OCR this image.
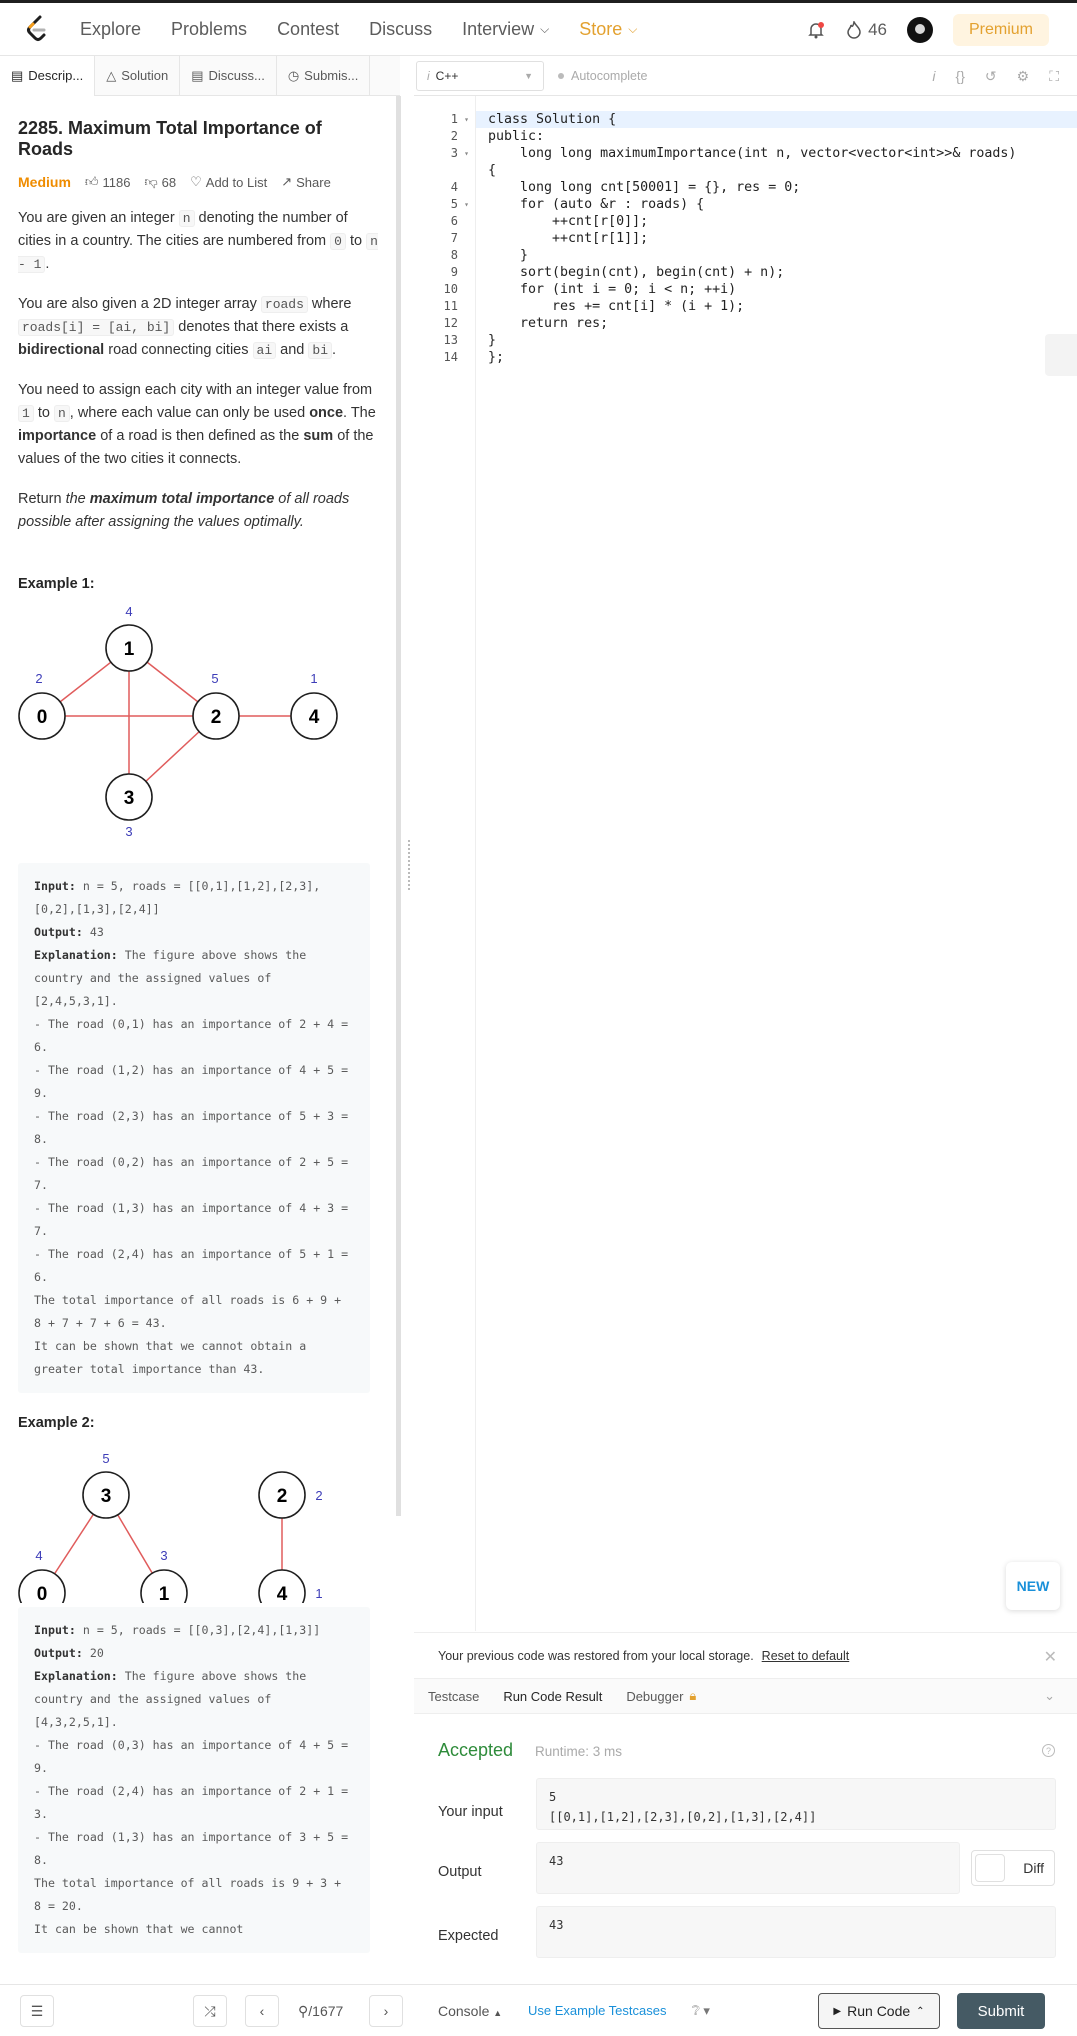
Explore Problems Contest Discuss Interview ⌵ Store ⌵	46	Premium
▤ Descrip... △ Solution ▤ Discuss... ◷ Submis...
2285. Maximum Total Importance of Roads
Medium 👍︎ 1186 👎︎ 68 ♡ Add to List ↗ Share

You are given an integer n denoting the number of cities in a country. The cities are numbered from 0 to n - 1 .

You are also given a 2D integer array roads where roads[i] = [ai, bi] denotes that there exists a bidirectional road connecting cities ai and bi .

You need to assign each city with an integer value from 1 to n , where each value can only be used once. The importance of a road is then defined as the sum of the values of the two cities it connects.

Return the maximum total importance of all roads possible after assigning the values optimally.

Example 1:
1
0	2	4
3
4
2	5	1
3
Input: n = 5, roads = [[0,1],[1,2],[2,3],[0,2],[1,3],[2,4]]
Output: 43
Explanation: The figure above shows the country and the assigned values of [2,4,5,3,1].
- The road (0,1) has an importance of 2 + 4 = 6.
- The road (1,2) has an importance of 4 + 5 = 9.
- The road (2,3) has an importance of 5 + 3 = 8.
- The road (0,2) has an importance of 2 + 5 = 7.
- The road (1,3) has an importance of 4 + 3 = 7.
- The road (2,4) has an importance of 5 + 1 = 6.
The total importance of all roads is 6 + 9 + 8 + 7 + 7 + 6 = 43.
It can be shown that we cannot obtain a greater total importance than 43.
Example 2:
3	2
0	1	4
5
2
4	3
1
Input: n = 5, roads = [[0,3],[2,4],[1,3]]
Output: 20
Explanation: The figure above shows the country and the assigned values of [4,3,2,5,1].
- The road (0,3) has an importance of 4 + 5 = 9.
- The road (2,4) has an importance of 2 + 1 = 3.
- The road (1,3) has an importance of 3 + 5 = 8.
The total importance of all roads is 9 + 3 + 8 = 20.
It can be shown that we cannot
i C++	▼	Autocomplete	i {} ↺ ⚙ ⛶
1 ▾
2
3 ▾
4
5 ▾
6
7
8
9
10
11
12
13
14
class Solution {
public:
long long maximumImportance(int n, vector<vector<int>>& roads)
{
long long cnt[50001] = {}, res = 0;
for (auto &r : roads) {
++cnt[r[0]];
++cnt[r[1]];
}
sort(begin(cnt), begin(cnt) + n);
for (int i = 0; i < n; ++i)
res += cnt[i] * (i + 1);
return res;
}
};
NEW
Your previous code was restored from your local storage. Reset to default	✕
Testcase Run Code Result Debugger 🔒︎	⌄
Accepted Runtime: 3 ms	?
Your input
5
[[0,1],[1,2],[2,3],[0,2],[1,3],[2,4]]
Output
43	Diff
Expected
43
☰	⤮	‹ ⚲/1677	›	Console ▲ Use Example Testcases ❔︎ ▾	▶ Run Code ⌃	Submit
